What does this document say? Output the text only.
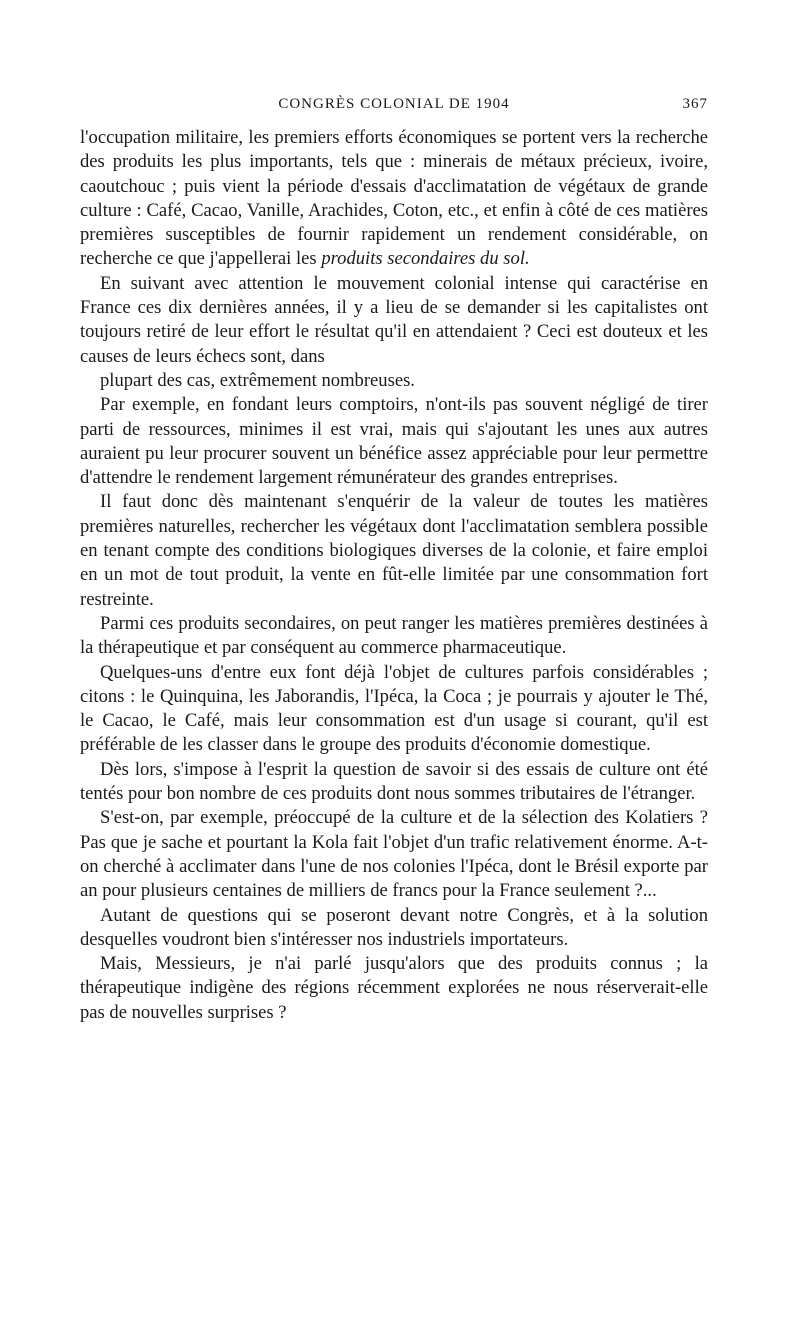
CONGRÈS COLONIAL DE 1904	367

l'occupation militaire, les premiers efforts économiques se portent vers la recherche des produits les plus importants, tels que : minerais de métaux précieux, ivoire, caoutchouc ; puis vient la période d'essais d'acclimatation de végétaux de grande culture : Café, Cacao, Vanille, Arachides, Coton, etc., et enfin à côté de ces matières premières susceptibles de fournir rapidement un rendement considérable, on recherche ce que j'appellerai les produits secondaires du sol.

En suivant avec attention le mouvement colonial intense qui caractérise en France ces dix dernières années, il y a lieu de se demander si les capitalistes ont toujours retiré de leur effort le résultat qu'il en attendaient ? Ceci est douteux et les causes de leurs échecs sont, dans
plupart des cas, extrêmement nombreuses.

Par exemple, en fondant leurs comptoirs, n'ont-ils pas souvent négligé de tirer parti de ressources, minimes il est vrai, mais qui s'ajoutant les unes aux autres auraient pu leur procurer souvent un bénéfice assez appréciable pour leur permettre d'attendre le rendement largement rémunérateur des grandes entreprises.

Il faut donc dès maintenant s'enquérir de la valeur de toutes les matières premières naturelles, rechercher les végétaux dont l'acclimatation semblera possible en tenant compte des conditions biologiques diverses de la colonie, et faire emploi en un mot de tout produit, la vente en fût-elle limitée par une consommation fort restreinte.

Parmi ces produits secondaires, on peut ranger les matières premières destinées à la thérapeutique et par conséquent au commerce pharmaceutique.

Quelques-uns d'entre eux font déjà l'objet de cultures parfois considérables ; citons : le Quinquina, les Jaborandis, l'Ipéca, la Coca ; je pourrais y ajouter le Thé, le Cacao, le Café, mais leur consommation est d'un usage si courant, qu'il est préférable de les classer dans le groupe des produits d'économie domestique.

Dès lors, s'impose à l'esprit la question de savoir si des essais de culture ont été tentés pour bon nombre de ces produits dont nous sommes tributaires de l'étranger.

S'est-on, par exemple, préoccupé de la culture et de la sélection des Kolatiers ? Pas que je sache et pourtant la Kola fait l'objet d'un trafic relativement énorme. A-t-on cherché à acclimater dans l'une de nos colonies l'Ipéca, dont le Brésil exporte par an pour plusieurs centaines de milliers de francs pour la France seulement ?...

Autant de questions qui se poseront devant notre Congrès, et à la solution desquelles voudront bien s'intéresser nos industriels importateurs.

Mais, Messieurs, je n'ai parlé jusqu'alors que des produits connus ; la thérapeutique indigène des régions récemment explorées ne nous réserverait-elle pas de nouvelles surprises ?
